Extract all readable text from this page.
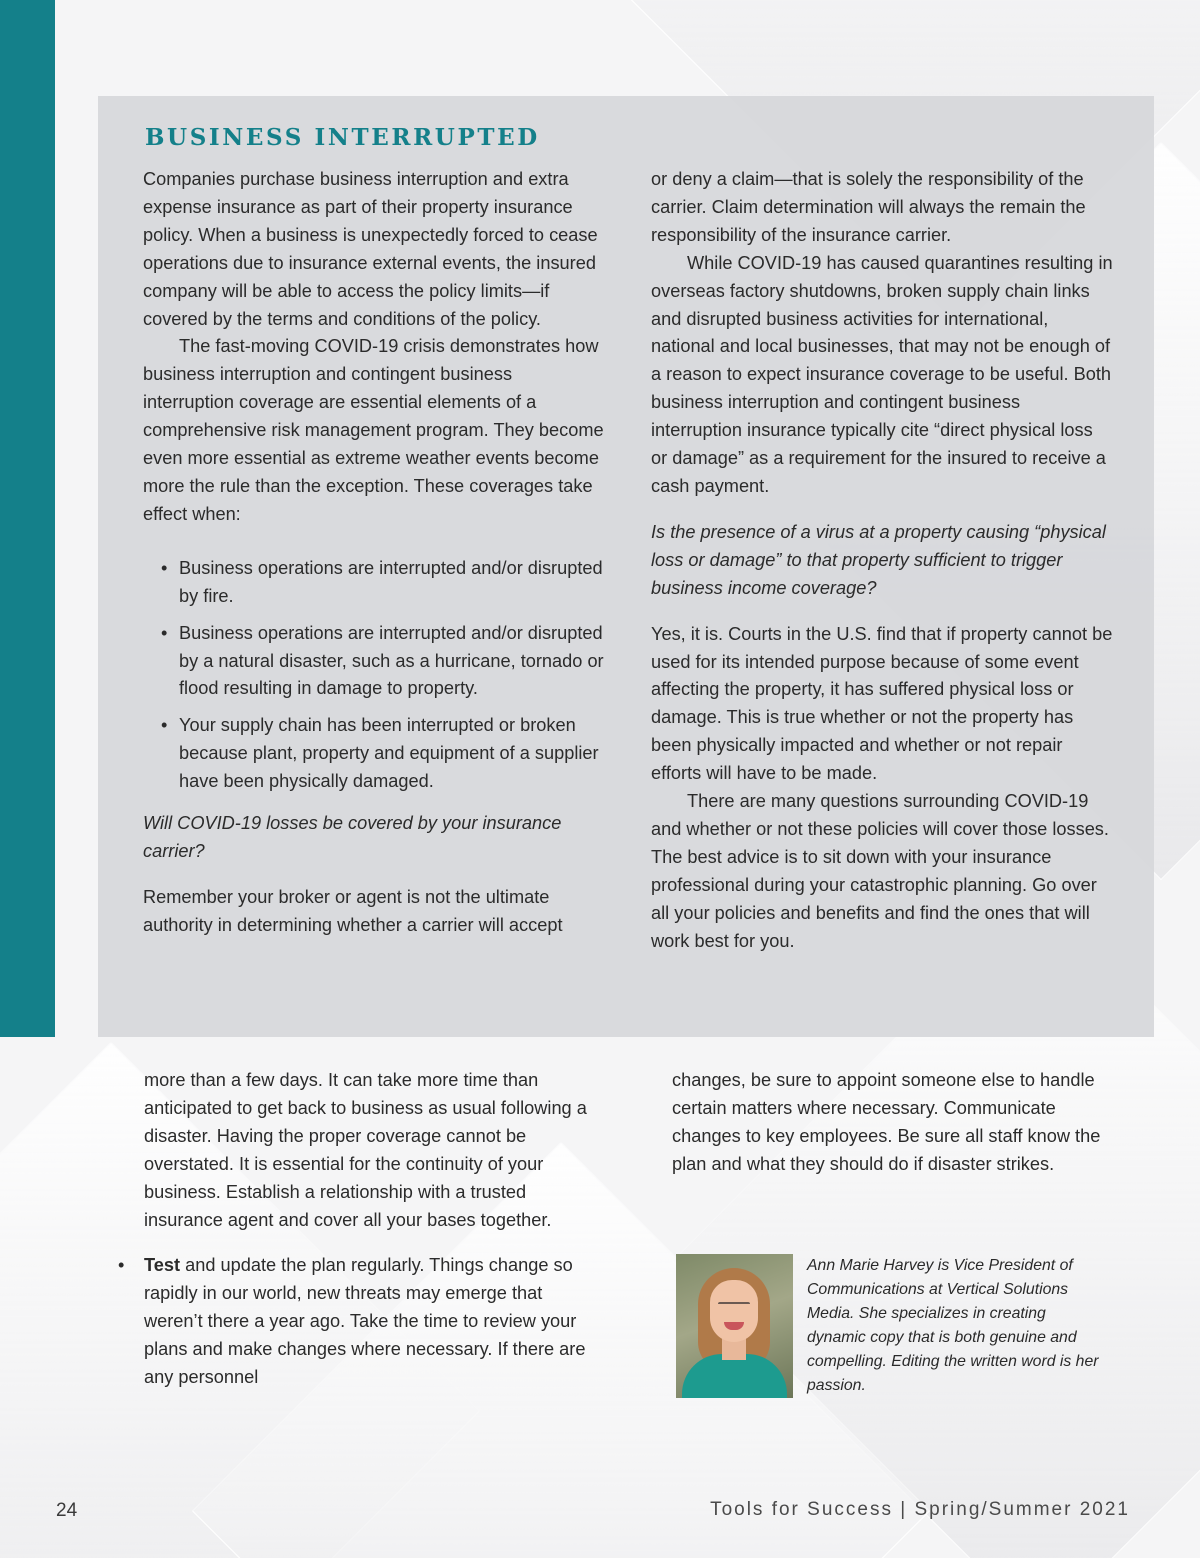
BUSINESS INTERRUPTED

Companies purchase business interruption and extra expense insurance as part of their property insurance policy. When a business is unexpectedly forced to cease operations due to insurance external events, the insured company will be able to access the policy limits—if covered by the terms and conditions of the policy.

The fast-moving COVID-19 crisis demonstrates how business interruption and contingent business interruption coverage are essential elements of a comprehensive risk management program. They become even more essential as extreme weather events become more the rule than the exception. These coverages take effect when:

• Business operations are interrupted and/or disrupted by fire.
• Business operations are interrupted and/or disrupted by a natural disaster, such as a hurricane, tornado or flood resulting in damage to property.
• Your supply chain has been interrupted or broken because plant, property and equipment of a supplier have been physically damaged.

Will COVID-19 losses be covered by your insurance carrier?

Remember your broker or agent is not the ultimate authority in determining whether a carrier will accept

or deny a claim—that is solely the responsibility of the carrier. Claim determination will always the remain the responsibility of the insurance carrier.

While COVID-19 has caused quarantines resulting in overseas factory shutdowns, broken supply chain links and disrupted business activities for international, national and local businesses, that may not be enough of a reason to expect insurance coverage to be useful. Both business interruption and contingent business interruption insurance typically cite “direct physical loss or damage” as a requirement for the insured to receive a cash payment.

Is the presence of a virus at a property causing “physical loss or damage” to that property sufficient to trigger business income coverage?

Yes, it is. Courts in the U.S. find that if property cannot be used for its intended purpose because of some event affecting the property, it has suffered physical loss or damage. This is true whether or not the property has been physically impacted and whether or not repair efforts will have to be made.

There are many questions surrounding COVID-19 and whether or not these policies will cover those losses. The best advice is to sit down with your insurance professional during your catastrophic planning. Go over all your policies and benefits and find the ones that will work best for you.

more than a few days. It can take more time than anticipated to get back to business as usual following a disaster. Having the proper coverage cannot be overstated. It is essential for the continuity of your business. Establish a relationship with a trusted insurance agent and cover all your bases together.

• Test and update the plan regularly. Things change so rapidly in our world, new threats may emerge that weren’t there a year ago. Take the time to review your plans and make changes where necessary. If there are any personnel

changes, be sure to appoint someone else to handle certain matters where necessary. Communicate changes to key employees. Be sure all staff know the plan and what they should do if disaster strikes.

Ann Marie Harvey is Vice President of Communications at Vertical Solutions Media. She specializes in creating dynamic copy that is both genuine and compelling. Editing the written word is her passion.
24	Tools for Success | Spring/Summer 2021
